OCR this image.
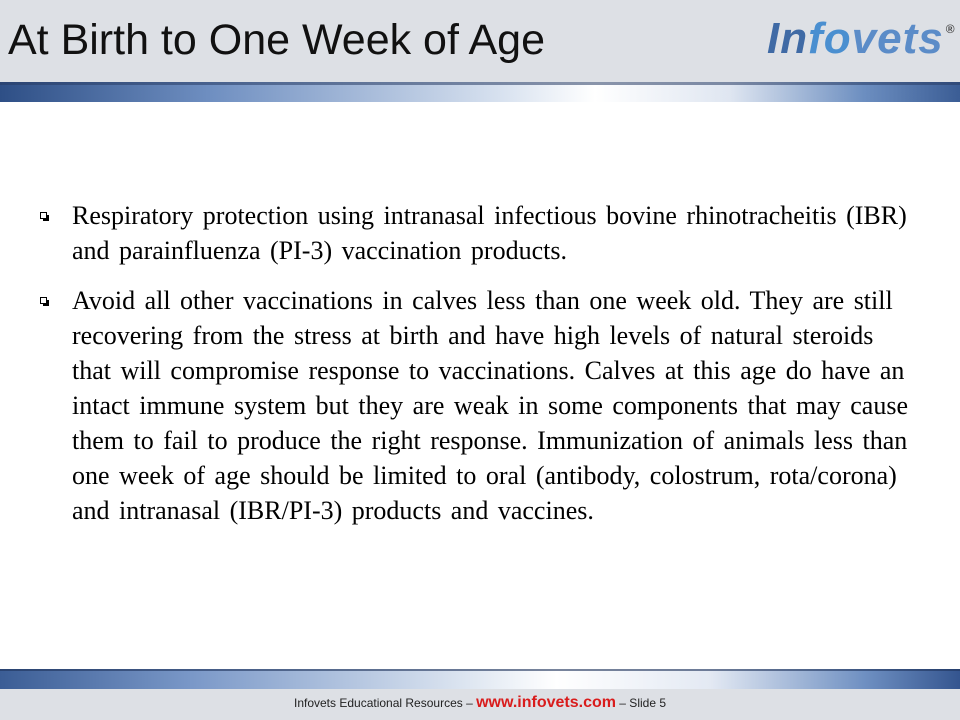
At Birth to One Week of Age	Infovets ®
Respiratory protection using intranasal infectious bovine rhinotracheitis (IBR) and parainfluenza (PI-3) vaccination products.
Avoid all other vaccinations in calves less than one week old. They are still recovering from the stress at birth and have high levels of natural steroids that will compromise response to vaccinations. Calves at this age do have an intact immune system but they are weak in some components that may cause them to fail to produce the right response. Immunization of animals less than one week of age should be limited to oral (antibody, colostrum, rota/corona) and intranasal (IBR/PI-3) products and vaccines.
Infovets Educational Resources – www.infovets.com – Slide 5
